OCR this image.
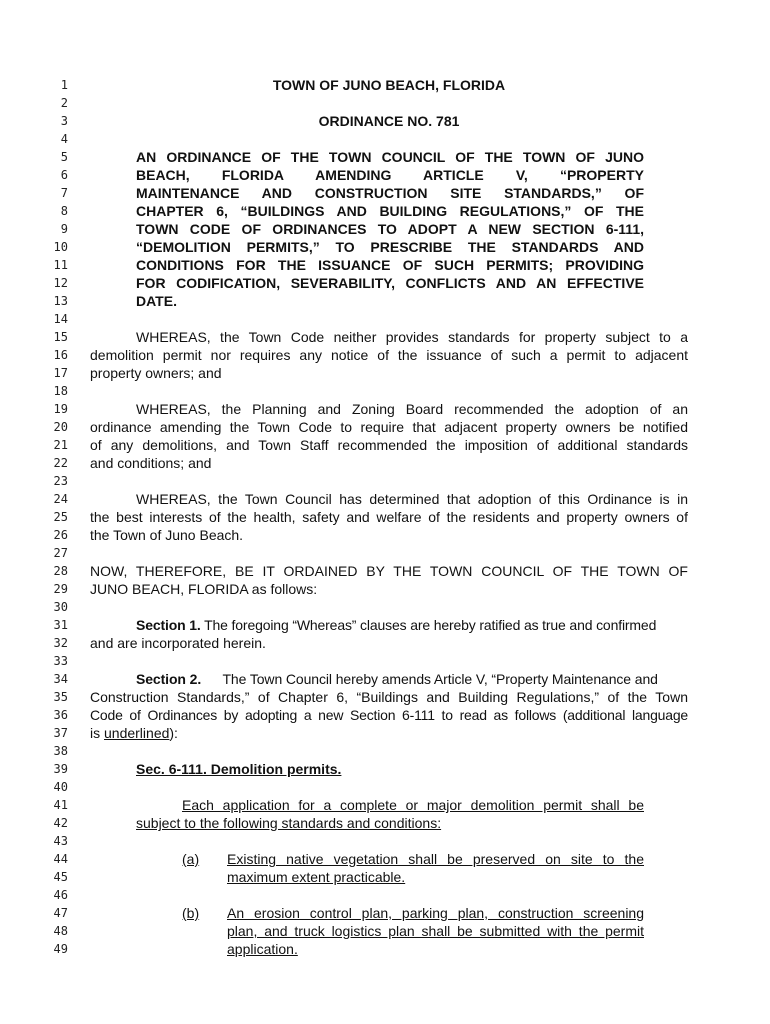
1
2
3
4
5
6
7
8
9
10
11
12
13
14
15
16
17
18
19
20
21
22
23
24
25
26
27
28
29
30
31
32
33
34
35
36
37
38
39
40
41
42
43
44
45
46
47
48
49
TOWN OF JUNO BEACH, FLORIDA
ORDINANCE NO. 781
AN ORDINANCE OF THE TOWN COUNCIL OF THE TOWN OF JUNO
BEACH, FLORIDA AMENDING ARTICLE V, “PROPERTY
MAINTENANCE AND CONSTRUCTION SITE STANDARDS,” OF
CHAPTER 6, “BUILDINGS AND BUILDING REGULATIONS,” OF THE
TOWN CODE OF ORDINANCES TO ADOPT A NEW SECTION 6-111,
“DEMOLITION PERMITS,” TO PRESCRIBE THE STANDARDS AND
CONDITIONS FOR THE ISSUANCE OF SUCH PERMITS; PROVIDING
FOR CODIFICATION, SEVERABILITY, CONFLICTS AND AN EFFECTIVE
DATE.
WHEREAS, the Town Code neither provides standards for property subject to a
demolition permit nor requires any notice of the issuance of such a permit to adjacent
property owners; and
WHEREAS, the Planning and Zoning Board recommended the adoption of an
ordinance amending the Town Code to require that adjacent property owners be notified
of any demolitions, and Town Staff recommended the imposition of additional standards
and conditions; and
WHEREAS, the Town Council has determined that adoption of this Ordinance is in
the best interests of the health, safety and welfare of the residents and property owners of
the Town of Juno Beach.
NOW, THEREFORE, BE IT ORDAINED BY THE TOWN COUNCIL OF THE TOWN OF
JUNO BEACH, FLORIDA as follows:
Section 1. The foregoing “Whereas” clauses are hereby ratified as true and confirmed
and are incorporated herein.
Section 2. The Town Council hereby amends Article V, “Property Maintenance and
Construction Standards,” of Chapter 6, “Buildings and Building Regulations,” of the Town
Code of Ordinances by adopting a new Section 6-111 to read as follows (additional language
is underlined):
Sec. 6-111. Demolition permits.
Each application for a complete or major demolition permit shall be
subject to the following standards and conditions:
(a) Existing native vegetation shall be preserved on site to the
maximum extent practicable.
(b) An erosion control plan, parking plan, construction screening
plan, and truck logistics plan shall be submitted with the permit
application.
